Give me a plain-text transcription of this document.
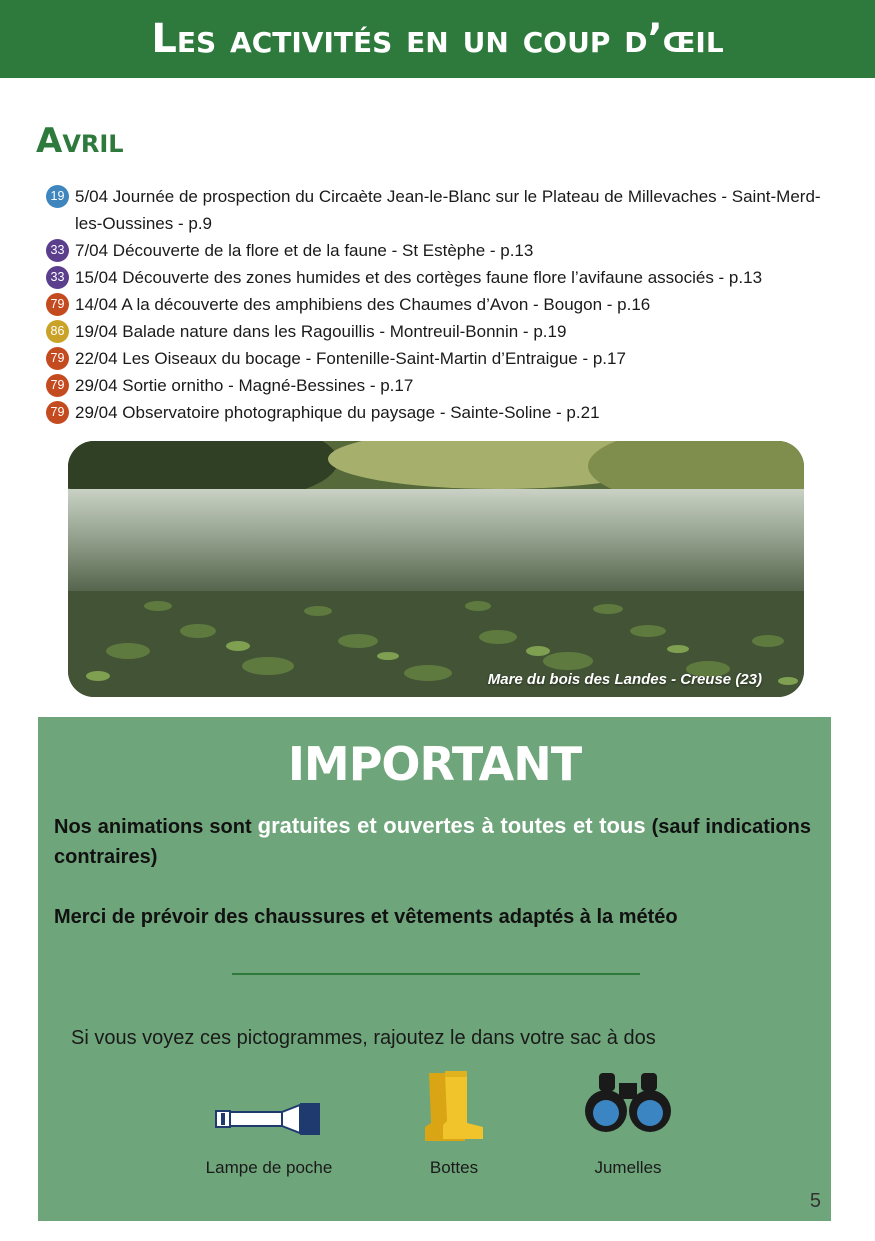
Les activités en un coup d’œil
Avril
19 5/04 Journée de prospection du Circaète Jean-le-Blanc sur le Plateau de Millevaches - Saint-Merd-les-Oussines - p.9
33 7/04 Découverte de la flore et de la faune - St Estèphe - p.13
33 15/04 Découverte des zones humides et des cortèges faune flore l’avifaune associés - p.13
79 14/04 A la découverte des amphibiens des Chaumes d’Avon - Bougon - p.16
86 19/04 Balade nature dans les Ragouillis - Montreuil-Bonnin - p.19
79 22/04 Les Oiseaux du bocage - Fontenille-Saint-Martin d’Entraigue - p.17
79 29/04 Sortie ornitho - Magné-Bessines - p.17
79 29/04 Observatoire photographique du paysage - Sainte-Soline - p.21
Mare du bois des Landes - Creuse (23)
IMPORTANT

Nos animations sont gratuites et ouvertes à toutes et tous (sauf indications contraires)

Merci de prévoir des chaussures et vêtements adaptés à la météo

Si vous voyez ces pictogrammes, rajoutez le dans votre sac à dos

Lampe de poche	Bottes	Jumelles
5
